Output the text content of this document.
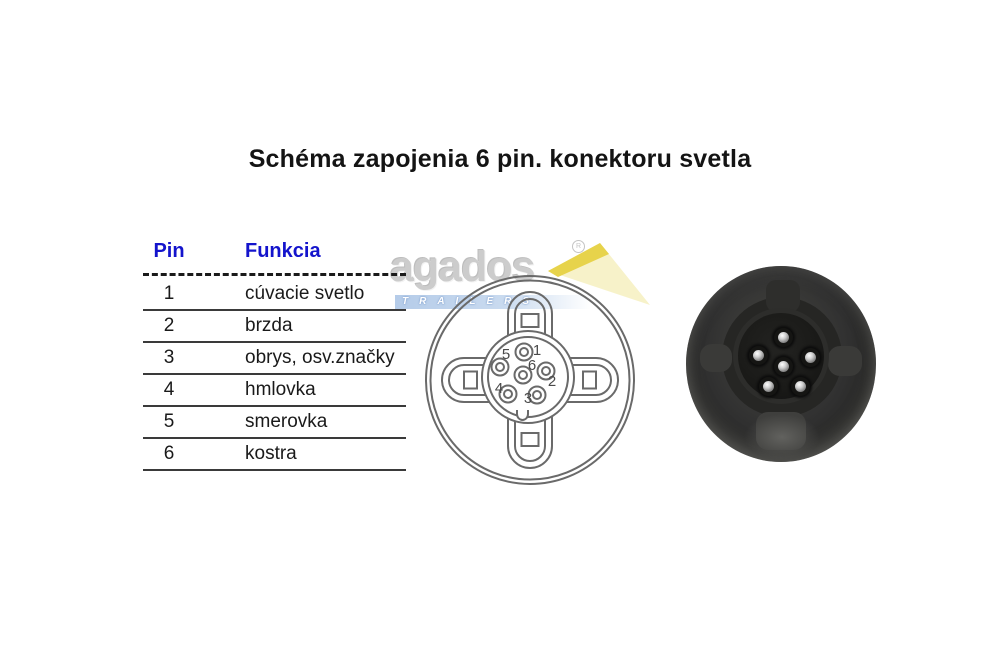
Schéma zapojenia 6 pin. konektoru svetla
agados	R
TRAILERS
Pin	Funkcia
1	cúvacie svetlo
2	brzda
3	obrys, osv.značky
4	hmlovka
5	smerovka
6	kostra
5 1
6
2
4
3
